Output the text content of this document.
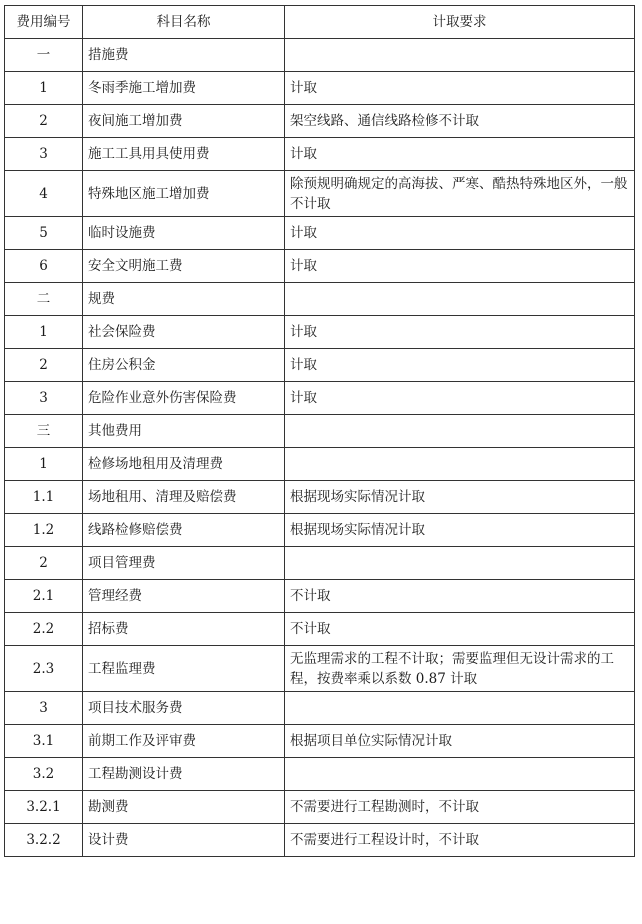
费用编号	科目名称	计取要求
一	措施费	
1	冬雨季施工增加费	计取
2	夜间施工增加费	架空线路、通信线路检修不计取
3	施工工具用具使用费	计取
4	特殊地区施工增加费	除预规明确规定的高海拔、严寒、酷热特殊地区外，一般不计取
5	临时设施费	计取
6	安全文明施工费	计取
二	规费	
1	社会保险费	计取
2	住房公积金	计取
3	危险作业意外伤害保险费	计取
三	其他费用	
1	检修场地租用及清理费	
1.1	场地租用、清理及赔偿费	根据现场实际情况计取
1.2	线路检修赔偿费	根据现场实际情况计取
2	项目管理费	
2.1	管理经费	不计取
2.2	招标费	不计取
2.3	工程监理费	无监理需求的工程不计取；需要监理但无设计需求的工程，按费率乘以系数 0.87 计取
3	项目技术服务费	
3.1	前期工作及评审费	根据项目单位实际情况计取
3.2	工程勘测设计费	
3.2.1	勘测费	不需要进行工程勘测时，不计取
3.2.2	设计费	不需要进行工程设计时，不计取
